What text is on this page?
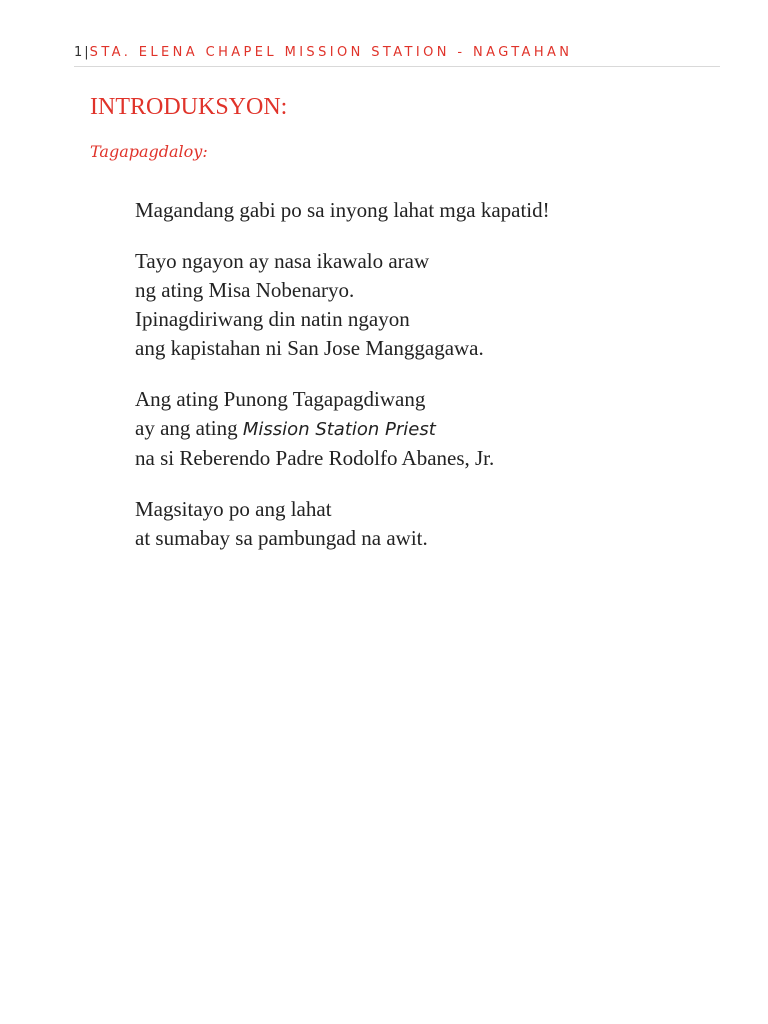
1|STA. ELENA CHAPEL MISSION STATION - NAGTAHAN
INTRODUKSYON:
Tagapagdaloy:
Magandang gabi po sa inyong lahat mga kapatid!
Tayo ngayon ay nasa ikawalo araw
ng ating Misa Nobenaryo.
Ipinagdiriwang din natin ngayon
ang kapistahan ni San Jose Manggagawa.
Ang ating Punong Tagapagdiwang
ay ang ating Mission Station Priest
na si Reberendo Padre Rodolfo Abanes, Jr.
Magsitayo po ang lahat
at sumabay sa pambungad na awit.
